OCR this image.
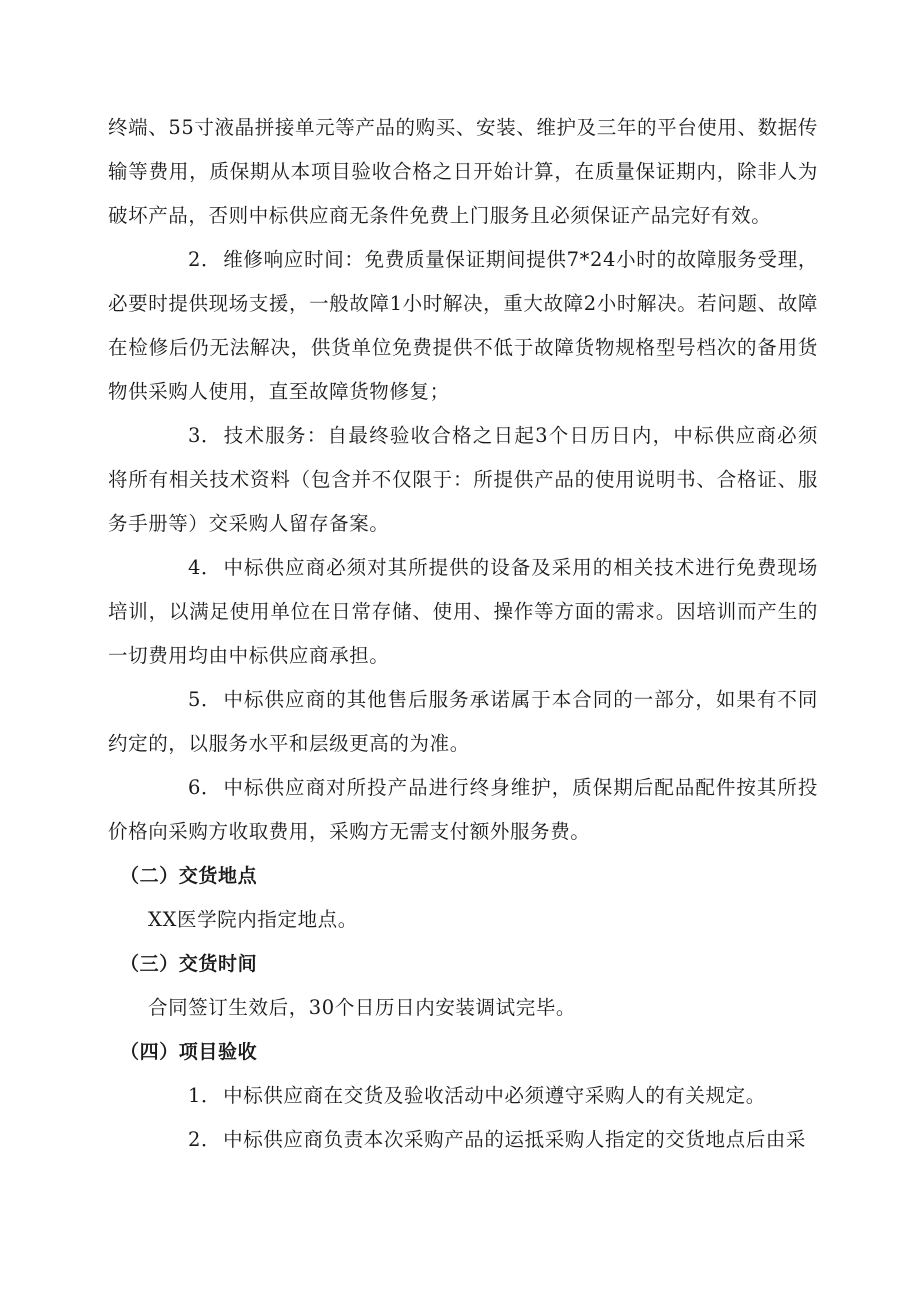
终端、55寸液晶拼接单元等产品的购买、安装、维护及三年的平台使用、数据传输等费用，质保期从本项目验收合格之日开始计算，在质量保证期内，除非人为破坏产品，否则中标供应商无条件免费上门服务且必须保证产品完好有效。

2． 维修响应时间：免费质量保证期间提供7*24小时的故障服务受理，必要时提供现场支援，一般故障1小时解决，重大故障2小时解决。若问题、故障在检修后仍无法解决，供货单位免费提供不低于故障货物规格型号档次的备用货物供采购人使用，直至故障货物修复；

3． 技术服务：自最终验收合格之日起3个日历日内，中标供应商必须将所有相关技术资料（包含并不仅限于：所提供产品的使用说明书、合格证、服务手册等）交采购人留存备案。

4． 中标供应商必须对其所提供的设备及采用的相关技术进行免费现场培训，以满足使用单位在日常存储、使用、操作等方面的需求。因培训而产生的一切费用均由中标供应商承担。

5． 中标供应商的其他售后服务承诺属于本合同的一部分，如果有不同约定的，以服务水平和层级更高的为准。

6． 中标供应商对所投产品进行终身维护，质保期后配品配件按其所投价格向采购方收取费用，采购方无需支付额外服务费。

（二）交货地点

XX医学院内指定地点。

（三）交货时间

合同签订生效后，30个日历日内安装调试完毕。

（四）项目验收

1． 中标供应商在交货及验收活动中必须遵守采购人的有关规定。

2． 中标供应商负责本次采购产品的运抵采购人指定的交货地点后由采
